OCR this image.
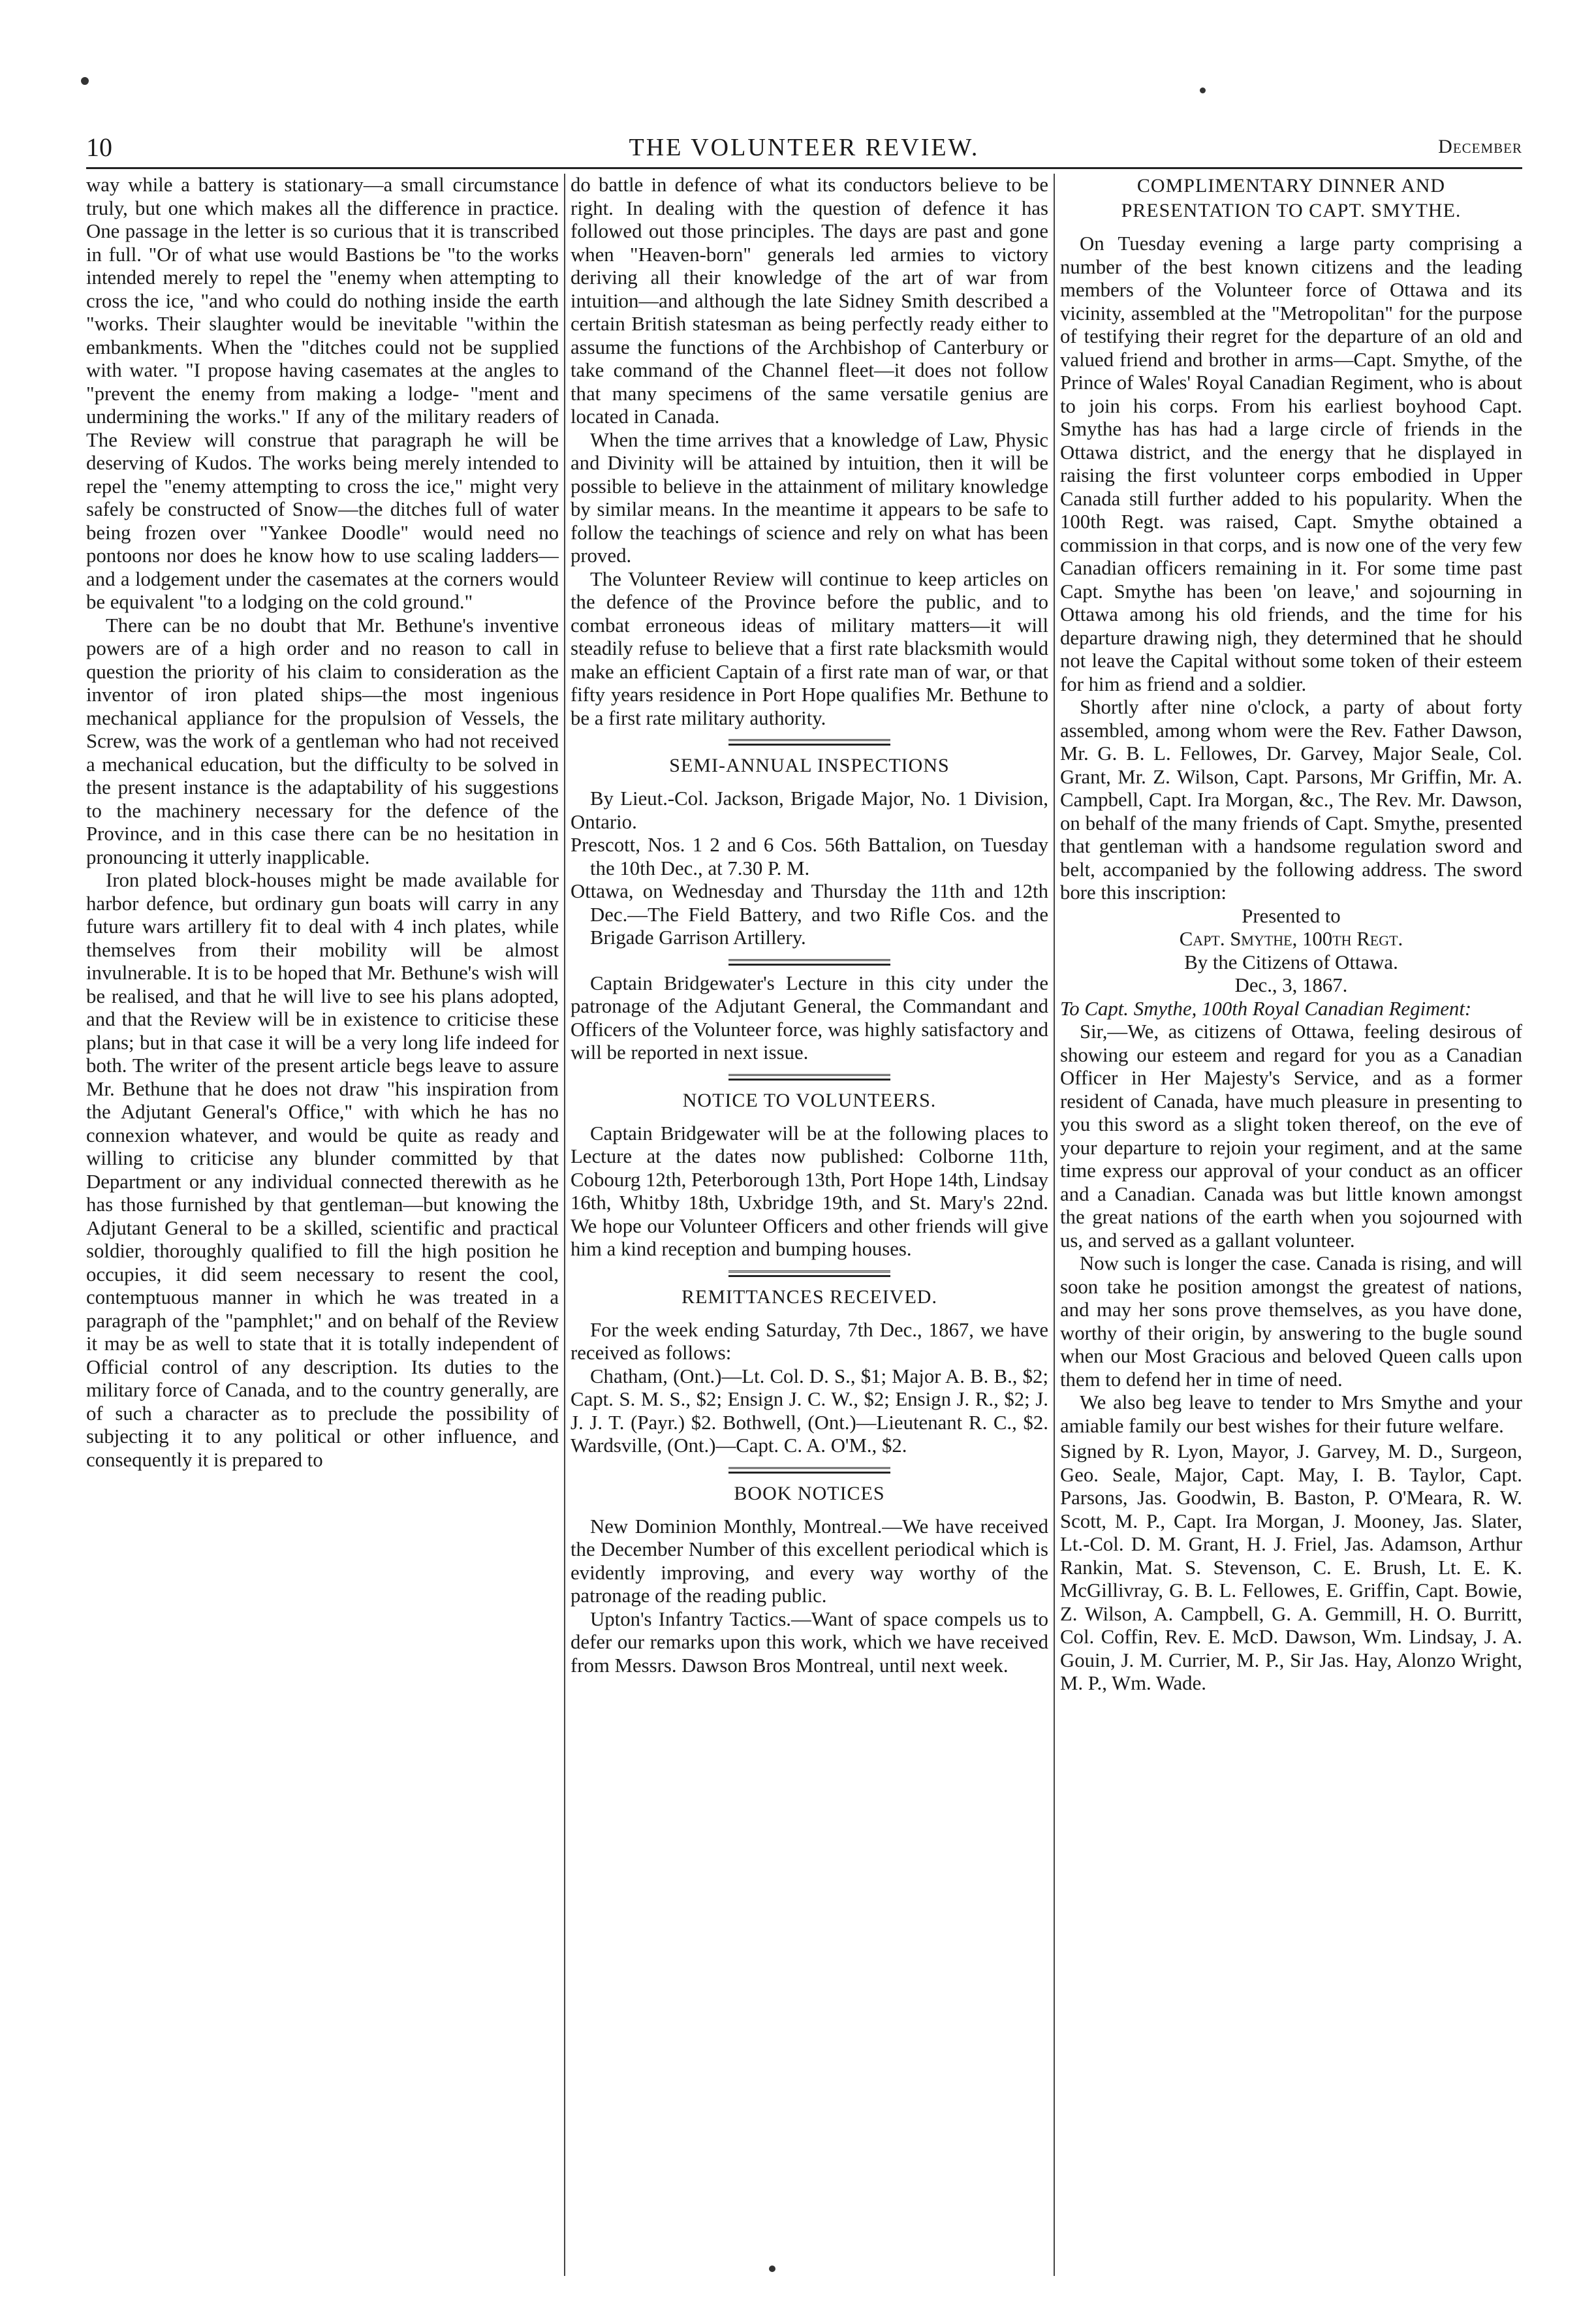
10	THE VOLUNTEER REVIEW.	December

way while a battery is stationary—a small circumstance truly, but one which makes all the difference in practice. One passage in the letter is so curious that it is transcribed in full. "Or of what use would Bastions be "to the works intended merely to repel the "enemy when attempting to cross the ice, "and who could do nothing inside the earth "works. Their slaughter would be inevitable "within the embankments. When the "ditches could not be supplied with water. "I propose having casemates at the angles to "prevent the enemy from making a lodge- "ment and undermining the works." If any of the military readers of The Review will construe that paragraph he will be deserving of Kudos. The works being merely intended to repel the "enemy attempting to cross the ice," might very safely be constructed of Snow—the ditches full of water being frozen over "Yankee Doodle" would need no pontoons nor does he know how to use scaling ladders—and a lodgement under the casemates at the corners would be equivalent "to a lodging on the cold ground."

There can be no doubt that Mr. Bethune's inventive powers are of a high order and no reason to call in question the priority of his claim to consideration as the inventor of iron plated ships—the most ingenious mechanical appliance for the propulsion of Vessels, the Screw, was the work of a gentleman who had not received a mechanical education, but the difficulty to be solved in the present instance is the adaptability of his suggestions to the machinery necessary for the defence of the Province, and in this case there can be no hesitation in pronouncing it utterly inapplicable.

Iron plated block-houses might be made available for harbor defence, but ordinary gun boats will carry in any future wars artillery fit to deal with 4 inch plates, while themselves from their mobility will be almost invulnerable. It is to be hoped that Mr. Bethune's wish will be realised, and that he will live to see his plans adopted, and that the Review will be in existence to criticise these plans; but in that case it will be a very long life indeed for both. The writer of the present article begs leave to assure Mr. Bethune that he does not draw "his inspiration from the Adjutant General's Office," with which he has no connexion whatever, and would be quite as ready and willing to criticise any blunder committed by that Department or any individual connected therewith as he has those furnished by that gentleman—but knowing the Adjutant General to be a skilled, scientific and practical soldier, thoroughly qualified to fill the high position he occupies, it did seem necessary to resent the cool, contemptuous manner in which he was treated in a paragraph of the "pamphlet;" and on behalf of the Review it may be as well to state that it is totally independent of Official control of any description. Its duties to the military force of Canada, and to the country generally, are of such a character as to preclude the possibility of subjecting it to any political or other influence, and consequently it is prepared to

do battle in defence of what its conductors believe to be right. In dealing with the question of defence it has followed out those principles. The days are past and gone when "Heaven-born" generals led armies to victory deriving all their knowledge of the art of war from intuition—and although the late Sidney Smith described a certain British statesman as being perfectly ready either to assume the functions of the Archbishop of Canterbury or take command of the Channel fleet—it does not follow that many specimens of the same versatile genius are located in Canada.

When the time arrives that a knowledge of Law, Physic and Divinity will be attained by intuition, then it will be possible to believe in the attainment of military knowledge by similar means. In the meantime it appears to be safe to follow the teachings of science and rely on what has been proved.

The Volunteer Review will continue to keep articles on the defence of the Province before the public, and to combat erroneous ideas of military matters—it will steadily refuse to believe that a first rate blacksmith would make an efficient Captain of a first rate man of war, or that fifty years residence in Port Hope qualifies Mr. Bethune to be a first rate military authority.

SEMI-ANNUAL INSPECTIONS

By Lieut.-Col. Jackson, Brigade Major, No. 1 Division, Ontario.

Prescott, Nos. 1 2 and 6 Cos. 56th Battalion, on Tuesday the 10th Dec., at 7.30 P. M.

Ottawa, on Wednesday and Thursday the 11th and 12th Dec.—The Field Battery, and two Rifle Cos. and the Brigade Garrison Artillery.

Captain Bridgewater's Lecture in this city under the patronage of the Adjutant General, the Commandant and Officers of the Volunteer force, was highly satisfactory and will be reported in next issue.

NOTICE TO VOLUNTEERS.

Captain Bridgewater will be at the following places to Lecture at the dates now published: Colborne 11th, Cobourg 12th, Peterborough 13th, Port Hope 14th, Lindsay 16th, Whitby 18th, Uxbridge 19th, and St. Mary's 22nd. We hope our Volunteer Officers and other friends will give him a kind reception and bumping houses.

REMITTANCES RECEIVED.

For the week ending Saturday, 7th Dec., 1867, we have received as follows:

Chatham, (Ont.)—Lt. Col. D. S., $1; Major A. B. B., $2; Capt. S. M. S., $2; Ensign J. C. W., $2; Ensign J. R., $2; J. J. J. T. (Payr.) $2. Bothwell, (Ont.)—Lieutenant R. C., $2. Wardsville, (Ont.)—Capt. C. A. O'M., $2.

BOOK NOTICES

New Dominion Monthly, Montreal.—We have received the December Number of this excellent periodical which is evidently improving, and every way worthy of the patronage of the reading public.

Upton's Infantry Tactics.—Want of space compels us to defer our remarks upon this work, which we have received from Messrs. Dawson Bros Montreal, until next week.

COMPLIMENTARY DINNER AND PRESENTATION TO CAPT. SMYTHE.

On Tuesday evening a large party comprising a number of the best known citizens and the leading members of the Volunteer force of Ottawa and its vicinity, assembled at the "Metropolitan" for the purpose of testifying their regret for the departure of an old and valued friend and brother in arms—Capt. Smythe, of the Prince of Wales' Royal Canadian Regiment, who is about to join his corps. From his earliest boyhood Capt. Smythe has has had a large circle of friends in the Ottawa district, and the energy that he displayed in raising the first volunteer corps embodied in Upper Canada still further added to his popularity. When the 100th Regt. was raised, Capt. Smythe obtained a commission in that corps, and is now one of the very few Canadian officers remaining in it. For some time past Capt. Smythe has been 'on leave,' and sojourning in Ottawa among his old friends, and the time for his departure drawing nigh, they determined that he should not leave the Capital without some token of their esteem for him as friend and a soldier.

Shortly after nine o'clock, a party of about forty assembled, among whom were the Rev. Father Dawson, Mr. G. B. L. Fellowes, Dr. Garvey, Major Seale, Col. Grant, Mr. Z. Wilson, Capt. Parsons, Mr Griffin, Mr. A. Campbell, Capt. Ira Morgan, &c., The Rev. Mr. Dawson, on behalf of the many friends of Capt. Smythe, presented that gentleman with a handsome regulation sword and belt, accompanied by the following address. The sword bore this inscription:

Presented to

Capt. Smythe, 100th Regt.

By the Citizens of Ottawa.

Dec., 3, 1867.

To Capt. Smythe, 100th Royal Canadian Regiment:

Sir,—We, as citizens of Ottawa, feeling desirous of showing our esteem and regard for you as a Canadian Officer in Her Majesty's Service, and as a former resident of Canada, have much pleasure in presenting to you this sword as a slight token thereof, on the eve of your departure to rejoin your regiment, and at the same time express our approval of your conduct as an officer and a Canadian. Canada was but little known amongst the great nations of the earth when you sojourned with us, and served as a gallant volunteer.

Now such is longer the case. Canada is rising, and will soon take he position amongst the greatest of nations, and may her sons prove themselves, as you have done, worthy of their origin, by answering to the bugle sound when our Most Gracious and beloved Queen calls upon them to defend her in time of need.

We also beg leave to tender to Mrs Smythe and your amiable family our best wishes for their future welfare.

Signed by R. Lyon, Mayor, J. Garvey, M. D., Surgeon, Geo. Seale, Major, Capt. May, I. B. Taylor, Capt. Parsons, Jas. Goodwin, B. Baston, P. O'Meara, R. W. Scott, M. P., Capt. Ira Morgan, J. Mooney, Jas. Slater, Lt.-Col. D. M. Grant, H. J. Friel, Jas. Adamson, Arthur Rankin, Mat. S. Stevenson, C. E. Brush, Lt. E. K. McGillivray, G. B. L. Fellowes, E. Griffin, Capt. Bowie, Z. Wilson, A. Campbell, G. A. Gemmill, H. O. Burritt, Col. Coffin, Rev. E. McD. Dawson, Wm. Lindsay, J. A. Gouin, J. M. Currier, M. P., Sir Jas. Hay, Alonzo Wright, M. P., Wm. Wade.
